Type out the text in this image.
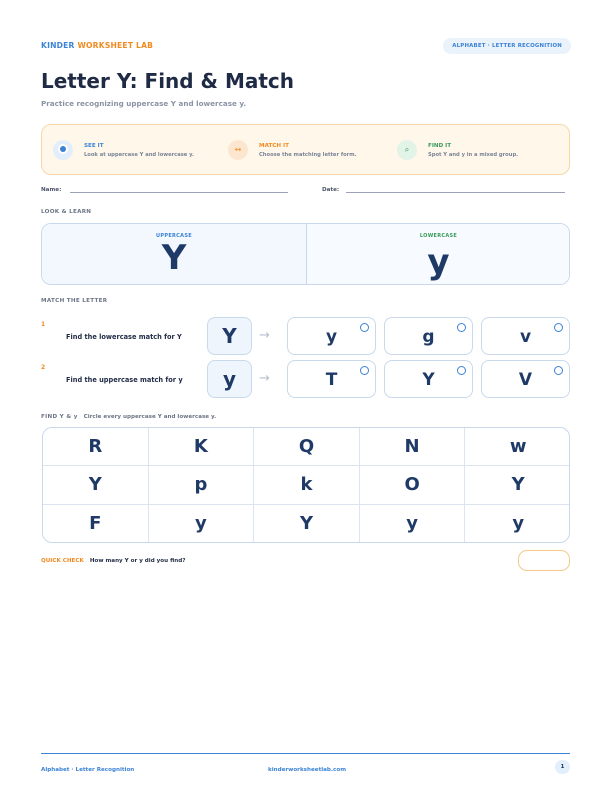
KINDER WORKSHEET LAB	ALPHABET · LETTER RECOGNITION
Letter Y: Find & Match
Practice recognizing uppercase Y and lowercase y.
SEE IT
Look at uppercase Y and lowercase y.
↔	MATCH IT
Choose the matching letter form.
⌕	FIND IT
Spot Y and y in a mixed group.
Name:	Date:
LOOK & LEARN
UPPERCASE
Y
LOWERCASE
y
MATCH THE LETTER
1
Find the lowercase match for Y	Y	→	y	g	v
2
Find the uppercase match for y	y	→	T	Y	V
FIND Y & y Circle every uppercase Y and lowercase y.
R	K	Q	N	w
Y	p	k	O	Y
F	y	Y	y	y
QUICK CHECK How many Y or y did you find?
Alphabet · Letter Recognition	kinderworksheetlab.com	1
